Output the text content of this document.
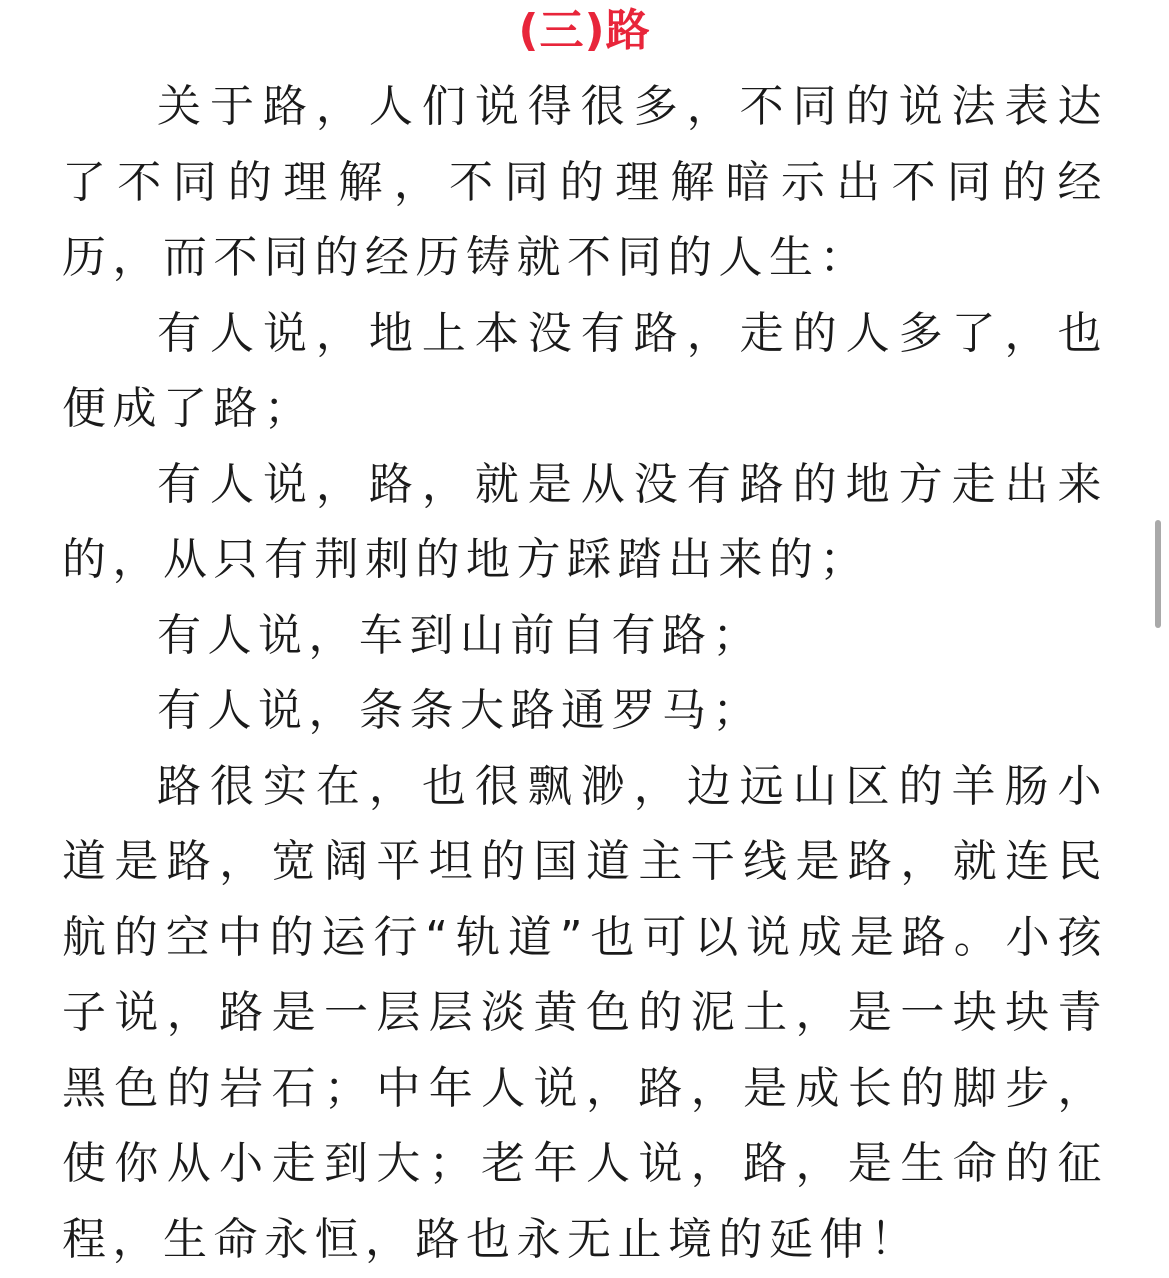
(三)路

关于路，人们说得很多，不同的说法表达了不同的理解，不同的理解暗示出不同的经历，而不同的经历铸就不同的人生：

有人说，地上本没有路，走的人多了，也便成了路；

有人说，路，就是从没有路的地方走出来的，从只有荆刺的地方踩踏出来的；

有人说，车到山前自有路；

有人说，条条大路通罗马；

路很实在，也很飘渺，边远山区的羊肠小道是路，宽阔平坦的国道主干线是路，就连民航的空中的运行“轨道”也可以说成是路。小孩子说，路是一层层淡黄色的泥土，是一块块青黑色的岩石；中年人说，路，是成长的脚步，使你从小走到大；老年人说，路，是生命的征程，生命永恒，路也永无止境的延伸！
